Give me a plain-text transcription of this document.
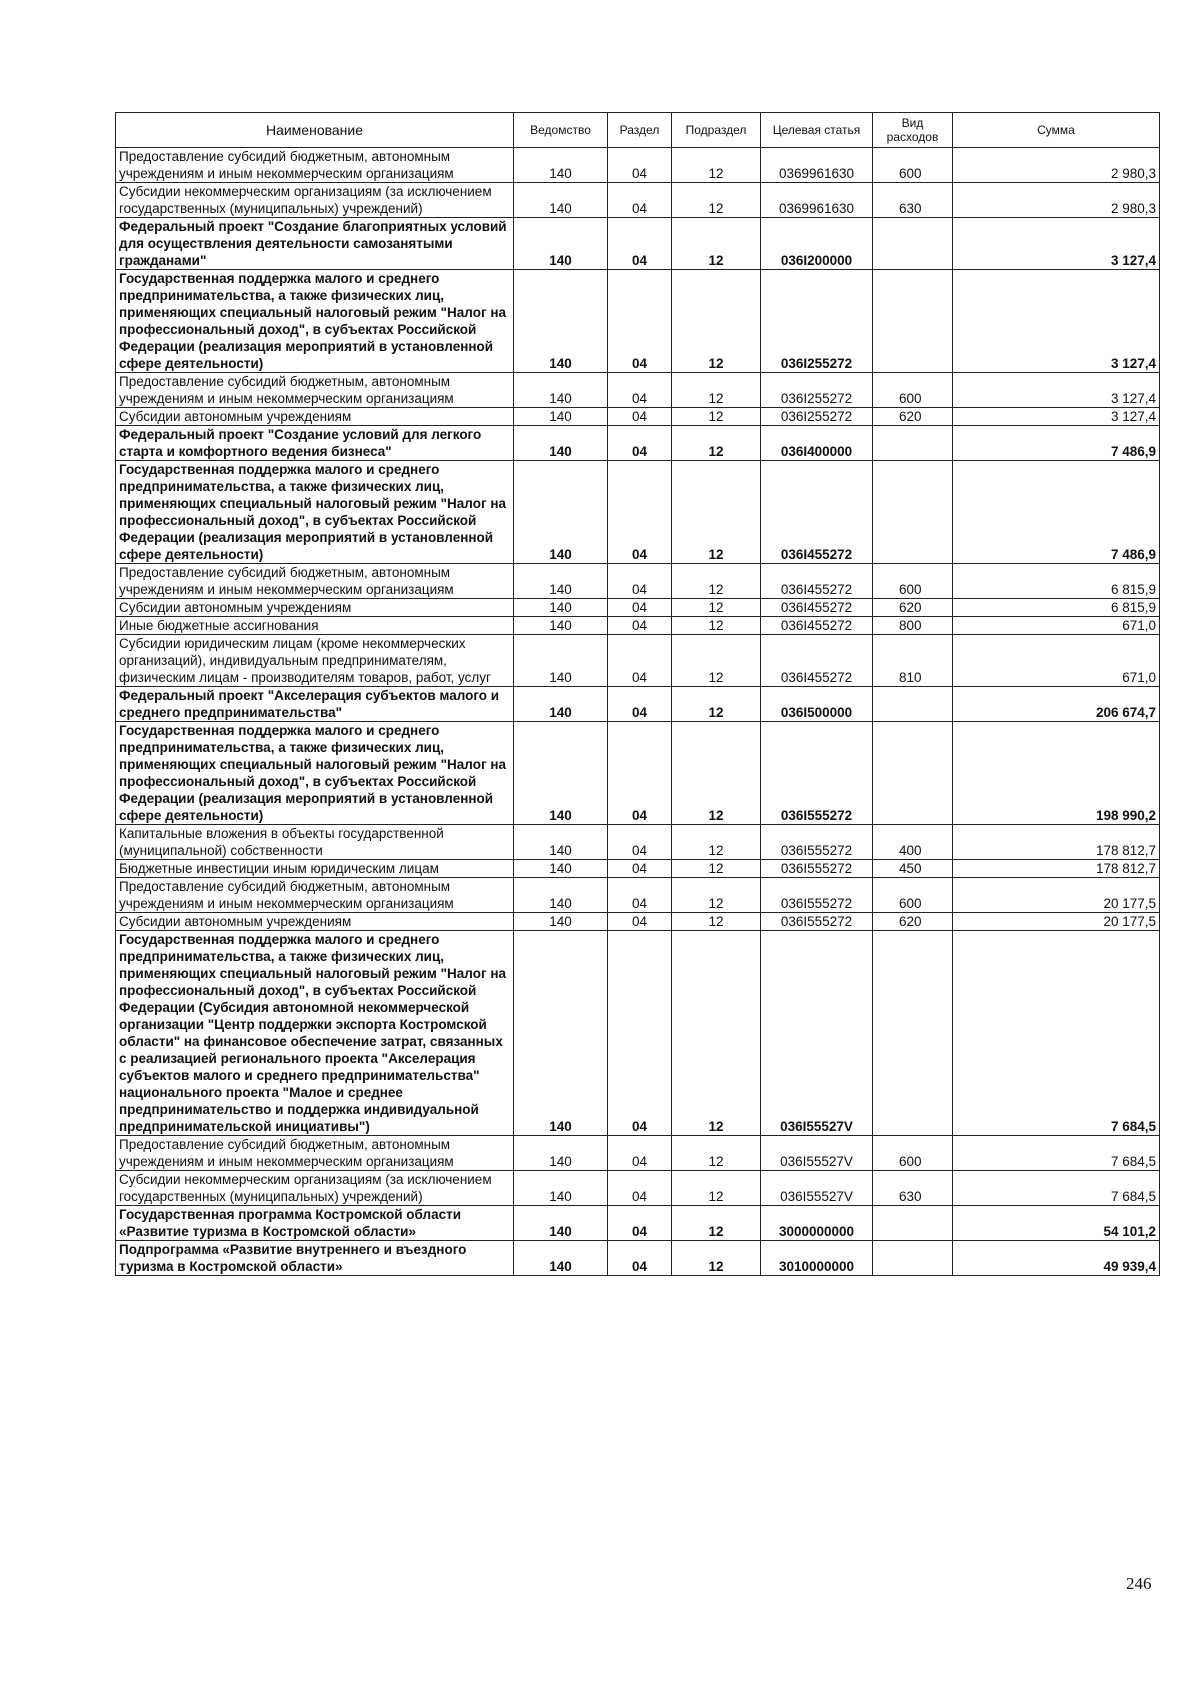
Наименование	Ведомство	Раздел	Подраздел	Целевая статья	Вид расходов	Сумма
Предоставление субсидий бюджетным, автономным учреждениям и иным некоммерческим организациям	140	04	12	0369961630	600	2 980,3
Субсидии некоммерческим организациям (за исключением государственных (муниципальных) учреждений)	140	04	12	0369961630	630	2 980,3
Федеральный проект "Создание благоприятных условий для осуществления деятельности самозанятыми гражданами"	140	04	12	036I200000		3 127,4
Государственная поддержка малого и среднего предпринимательства, а также физических лиц, применяющих специальный налоговый режим "Налог на профессиональный доход", в субъектах Российской Федерации (реализация мероприятий в установленной сфере деятельности)	140	04	12	036I255272		3 127,4
Предоставление субсидий бюджетным, автономным учреждениям и иным некоммерческим организациям	140	04	12	036I255272	600	3 127,4
Субсидии автономным учреждениям	140	04	12	036I255272	620	3 127,4
Федеральный проект "Создание условий для легкого старта и комфортного ведения бизнеса"	140	04	12	036I400000		7 486,9
Государственная поддержка малого и среднего предпринимательства, а также физических лиц, применяющих специальный налоговый режим "Налог на профессиональный доход", в субъектах Российской Федерации (реализация мероприятий в установленной сфере деятельности)	140	04	12	036I455272		7 486,9
Предоставление субсидий бюджетным, автономным учреждениям и иным некоммерческим организациям	140	04	12	036I455272	600	6 815,9
Субсидии автономным учреждениям	140	04	12	036I455272	620	6 815,9
Иные бюджетные ассигнования	140	04	12	036I455272	800	671,0
Субсидии юридическим лицам (кроме некоммерческих организаций), индивидуальным предпринимателям, физическим лицам - производителям товаров, работ, услуг	140	04	12	036I455272	810	671,0
Федеральный проект "Акселерация субъектов малого и среднего предпринимательства"	140	04	12	036I500000		206 674,7
Государственная поддержка малого и среднего предпринимательства, а также физических лиц, применяющих специальный налоговый режим "Налог на профессиональный доход", в субъектах Российской Федерации (реализация мероприятий в установленной сфере деятельности)	140	04	12	036I555272		198 990,2
Капитальные вложения в объекты государственной (муниципальной) собственности	140	04	12	036I555272	400	178 812,7
Бюджетные инвестиции иным юридическим лицам	140	04	12	036I555272	450	178 812,7
Предоставление субсидий бюджетным, автономным учреждениям и иным некоммерческим организациям	140	04	12	036I555272	600	20 177,5
Субсидии автономным учреждениям	140	04	12	036I555272	620	20 177,5
Государственная поддержка малого и среднего предпринимательства, а также физических лиц, применяющих специальный налоговый режим "Налог на профессиональный доход", в субъектах Российской Федерации (Субсидия автономной некоммерческой организации "Центр поддержки экспорта Костромской области" на финансовое обеспечение затрат, связанных с реализацией регионального проекта "Акселерация субъектов малого и среднего предпринимательства" национального проекта "Малое и среднее предпринимательство и поддержка индивидуальной предпринимательской инициативы")	140	04	12	036I55527V		7 684,5
Предоставление субсидий бюджетным, автономным учреждениям и иным некоммерческим организациям	140	04	12	036I55527V	600	7 684,5
Субсидии некоммерческим организациям (за исключением государственных (муниципальных) учреждений)	140	04	12	036I55527V	630	7 684,5
Государственная программа Костромской области «Развитие туризма в Костромской области»	140	04	12	3000000000		54 101,2
Подпрограмма «Развитие внутреннего и въездного туризма в Костромской области»	140	04	12	3010000000		49 939,4
246
